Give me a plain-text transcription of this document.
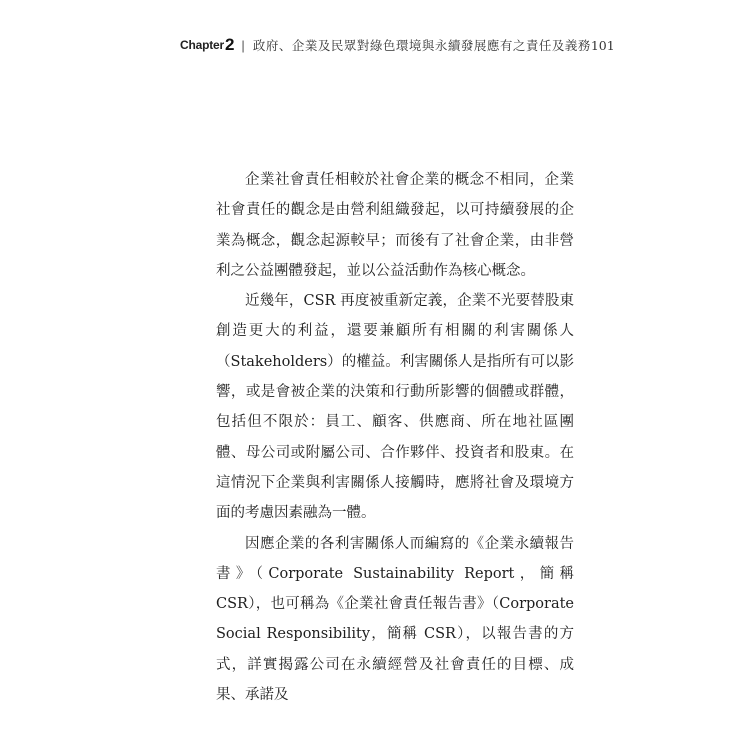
Chapter 2 | 政府、企業及民眾對綠色環境與永續發展應有之責任及義務 101

企業社會責任相較於社會企業的概念不相同，企業社會責任的觀念是由營利組織發起，以可持續發展的企業為概念，觀念起源較早；而後有了社會企業，由非營利之公益團體發起，並以公益活動作為核心概念。

近幾年，CSR 再度被重新定義，企業不光要替股東創造更大的利益，還要兼顧所有相關的利害關係人（Stakeholders）的權益。利害關係人是指所有可以影響，或是會被企業的決策和行動所影響的個體或群體，包括但不限於：員工、顧客、供應商、所在地社區團體、母公司或附屬公司、合作夥伴、投資者和股東。在這情況下企業與利害關係人接觸時，應將社會及環境方面的考慮因素融為一體。

因應企業的各利害關係人而編寫的《企業永續報告書》（Corporate Sustainability Report，簡稱 CSR），也可稱為《企業社會責任報告書》（Corporate Social Responsibility，簡稱 CSR），以報告書的方式，詳實揭露公司在永續經營及社會責任的目標、成果、承諾及
